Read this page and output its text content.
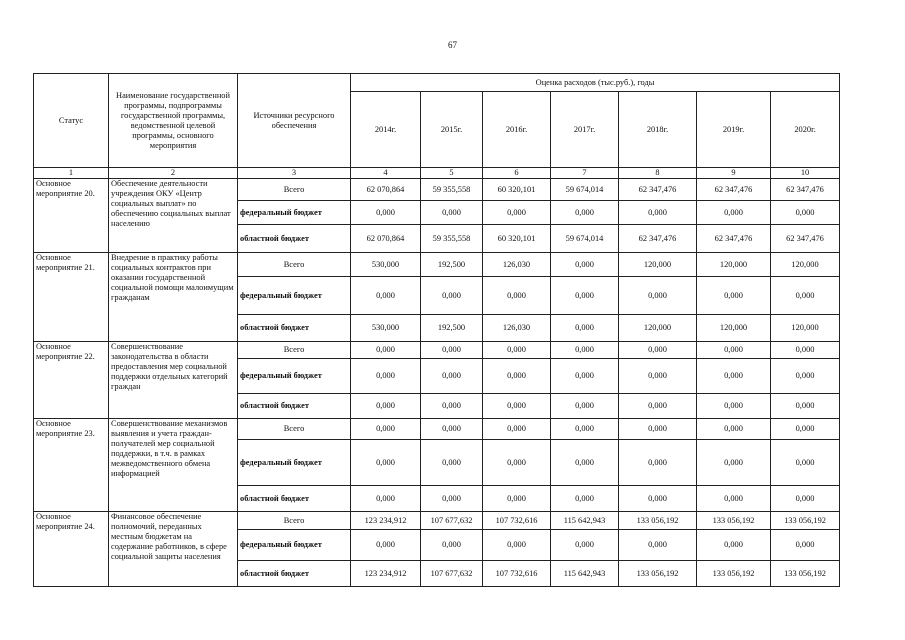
67
Статус	Наименование государственной программы, подпрограммы государственной программы, ведомственной целевой программы, основного мероприятия	Источники ресурсного обеспечения	Оценка расходов (тыс.руб.), годы						
			2014г.	2015г.	2016г.	2017г.	2018г.	2019г.	2020г.
1	2	3	4	5	6	7	8	9	10
Основное мероприятие 20.	Обеспечение деятельности учреждения ОКУ «Центр социальных выплат» по обеспечению социальных выплат населению	Всего	62 070,864	59 355,558	60 320,101	59 674,014	62 347,476	62 347,476	62 347,476
		федеральный бюджет	0,000	0,000	0,000	0,000	0,000	0,000	0,000
		областной бюджет	62 070,864	59 355,558	60 320,101	59 674,014	62 347,476	62 347,476	62 347,476
Основное мероприятие 21.	Внедрение в практику работы социальных контрактов при оказании государственной социальной помощи малоимущим гражданам	Всего	530,000	192,500	126,030	0,000	120,000	120,000	120,000
		федеральный бюджет	0,000	0,000	0,000	0,000	0,000	0,000	0,000
		областной бюджет	530,000	192,500	126,030	0,000	120,000	120,000	120,000
Основное мероприятие 22.	Совершенствование законодательства в области предоставления мер социальной поддержки отдельных категорий граждан	Всего	0,000	0,000	0,000	0,000	0,000	0,000	0,000
		федеральный бюджет	0,000	0,000	0,000	0,000	0,000	0,000	0,000
		областной бюджет	0,000	0,000	0,000	0,000	0,000	0,000	0,000
Основное мероприятие 23.	Совершенствование механизмов выявления и учета граждан-получателей мер социальной поддержки, в т.ч. в рамках межведомственного обмена информацией	Всего	0,000	0,000	0,000	0,000	0,000	0,000	0,000
		федеральный бюджет	0,000	0,000	0,000	0,000	0,000	0,000	0,000
		областной бюджет	0,000	0,000	0,000	0,000	0,000	0,000	0,000
Основное мероприятие 24.	Финансовое обеспечение полномочий, переданных местным бюджетам на содержание работников, в сфере социальной защиты населения	Всего	123 234,912	107 677,632	107 732,616	115 642,943	133 056,192	133 056,192	133 056,192
		федеральный бюджет	0,000	0,000	0,000	0,000	0,000	0,000	0,000
		областной бюджет	123 234,912	107 677,632	107 732,616	115 642,943	133 056,192	133 056,192	133 056,192
